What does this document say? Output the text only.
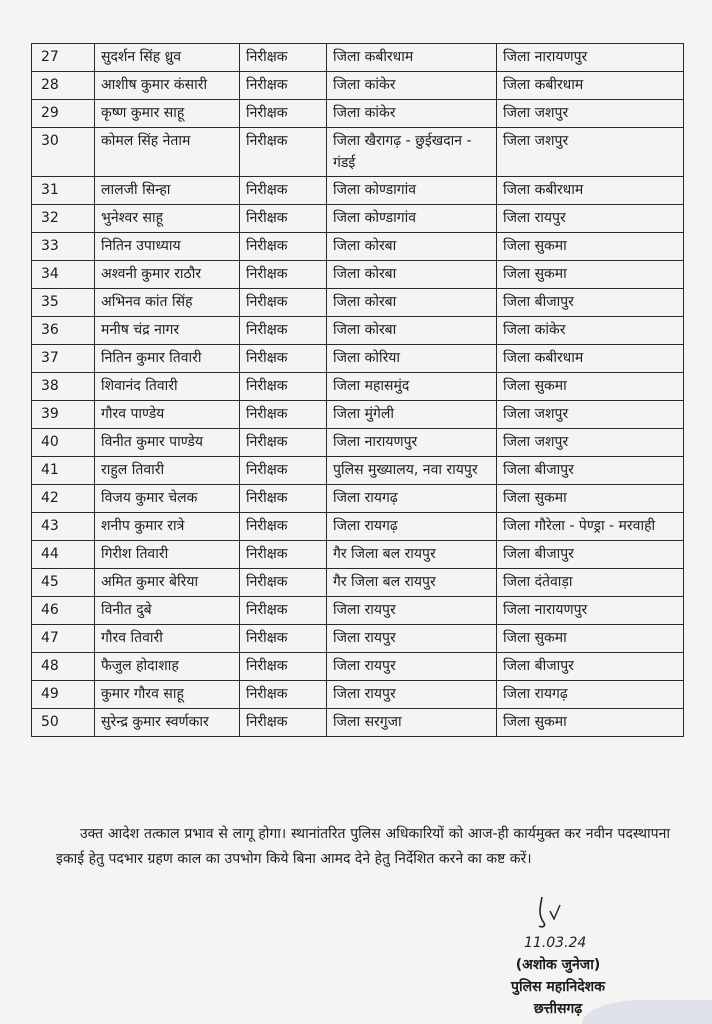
27	सुदर्शन सिंह ध्रुव	निरीक्षक	जिला कबीरधाम	जिला नारायणपुर
28	आशीष कुमार कंसारी	निरीक्षक	जिला कांकेर	जिला कबीरधाम
29	कृष्ण कुमार साहू	निरीक्षक	जिला कांकेर	जिला जशपुर
30	कोमल सिंह नेताम	निरीक्षक	जिला खैरागढ़ - छुईखदान - गंडई	जिला जशपुर
31	लालजी सिन्हा	निरीक्षक	जिला कोण्डागांव	जिला कबीरधाम
32	भुनेश्वर साहू	निरीक्षक	जिला कोण्डागांव	जिला रायपुर
33	नितिन उपाध्याय	निरीक्षक	जिला कोरबा	जिला सुकमा
34	अश्वनी कुमार राठौर	निरीक्षक	जिला कोरबा	जिला सुकमा
35	अभिनव कांत सिंह	निरीक्षक	जिला कोरबा	जिला बीजापुर
36	मनीष चंद्र नागर	निरीक्षक	जिला कोरबा	जिला कांकेर
37	नितिन कुमार तिवारी	निरीक्षक	जिला कोरिया	जिला कबीरधाम
38	शिवानंद तिवारी	निरीक्षक	जिला महासमुंद	जिला सुकमा
39	गौरव पाण्डेय	निरीक्षक	जिला मुंगेली	जिला जशपुर
40	विनीत कुमार पाण्डेय	निरीक्षक	जिला नारायणपुर	जिला जशपुर
41	राहुल तिवारी	निरीक्षक	पुलिस मुख्यालय, नवा रायपुर	जिला बीजापुर
42	विजय कुमार चेलक	निरीक्षक	जिला रायगढ़	जिला सुकमा
43	शनीप कुमार रात्रे	निरीक्षक	जिला रायगढ़	जिला गौरेला - पेण्ड्रा - मरवाही
44	गिरीश तिवारी	निरीक्षक	गैर जिला बल रायपुर	जिला बीजापुर
45	अमित कुमार बेरिया	निरीक्षक	गैर जिला बल रायपुर	जिला दंतेवाड़ा
46	विनीत दुबे	निरीक्षक	जिला रायपुर	जिला नारायणपुर
47	गौरव तिवारी	निरीक्षक	जिला रायपुर	जिला सुकमा
48	फैजुल होदाशाह	निरीक्षक	जिला रायपुर	जिला बीजापुर
49	कुमार गौरव साहू	निरीक्षक	जिला रायपुर	जिला रायगढ़
50	सुरेन्द्र कुमार स्वर्णकार	निरीक्षक	जिला सरगुजा	जिला सुकमा
उक्त आदेश तत्काल प्रभाव से लागू होगा। स्थानांतरित पुलिस अधिकारियों को आज-ही कार्यमुक्त कर नवीन पदस्थापना इकाई हेतु पदभार ग्रहण काल का उपभोग किये बिना आमद देने हेतु निर्देशित करने का कष्ट करें।
11.03.24
(अशोक जुनेजा)
पुलिस महानिदेशक
छत्तीसगढ़
